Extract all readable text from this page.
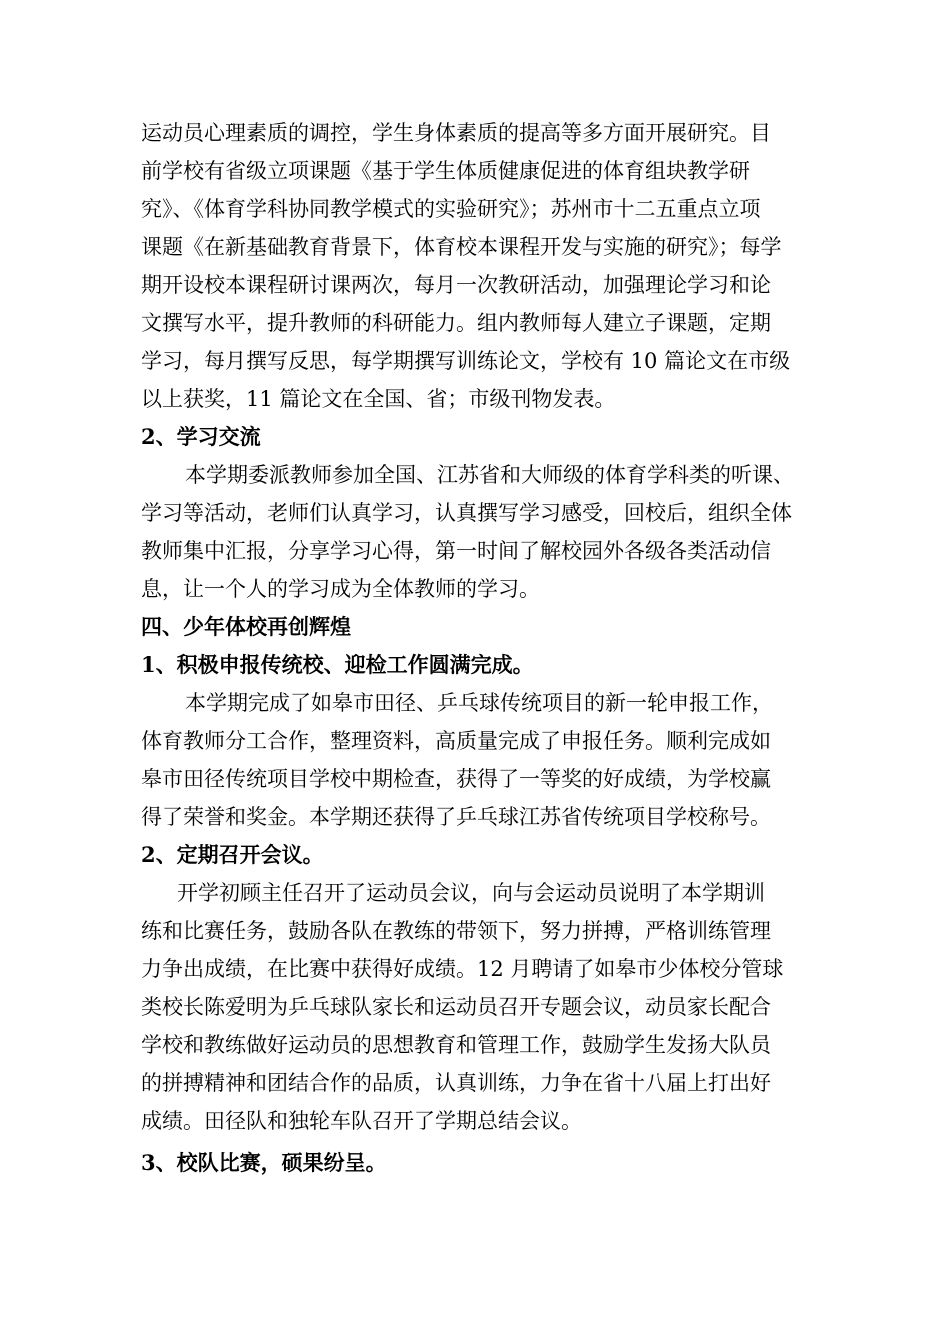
运动员心理素质的调控，学生身体素质的提高等多方面开展研究。目
前学校有省级立项课题《基于学生体质健康促进的体育组块教学研
究》、《体育学科协同教学模式的实验研究》；苏州市十二五重点立项
课题《在新基础教育背景下，体育校本课程开发与实施的研究》；每学
期开设校本课程研讨课两次，每月一次教研活动，加强理论学习和论
文撰写水平，提升教师的科研能力。组内教师每人建立子课题，定期
学习，每月撰写反思，每学期撰写训练论文，学校有 10 篇论文在市级
以上获奖，11 篇论文在全国、省；市级刊物发表。
2、学习交流
本学期委派教师参加全国、江苏省和大师级的体育学科类的听课、
学习等活动，老师们认真学习，认真撰写学习感受，回校后，组织全体
教师集中汇报，分享学习心得，第一时间了解校园外各级各类活动信
息，让一个人的学习成为全体教师的学习。
四、少年体校再创辉煌
1、积极申报传统校、迎检工作圆满完成。
本学期完成了如皋市田径、乒乓球传统项目的新一轮申报工作，
体育教师分工合作，整理资料，高质量完成了申报任务。顺利完成如
皋市田径传统项目学校中期检查，获得了一等奖的好成绩，为学校赢
得了荣誉和奖金。本学期还获得了乒乓球江苏省传统项目学校称号。
2、定期召开会议。
开学初顾主任召开了运动员会议，向与会运动员说明了本学期训
练和比赛任务，鼓励各队在教练的带领下，努力拼搏，严格训练管理
力争出成绩，在比赛中获得好成绩。12 月聘请了如皋市少体校分管球
类校长陈爱明为乒乓球队家长和运动员召开专题会议，动员家长配合
学校和教练做好运动员的思想教育和管理工作，鼓励学生发扬大队员
的拼搏精神和团结合作的品质，认真训练，力争在省十八届上打出好
成绩。田径队和独轮车队召开了学期总结会议。
3、校队比赛，硕果纷呈。
